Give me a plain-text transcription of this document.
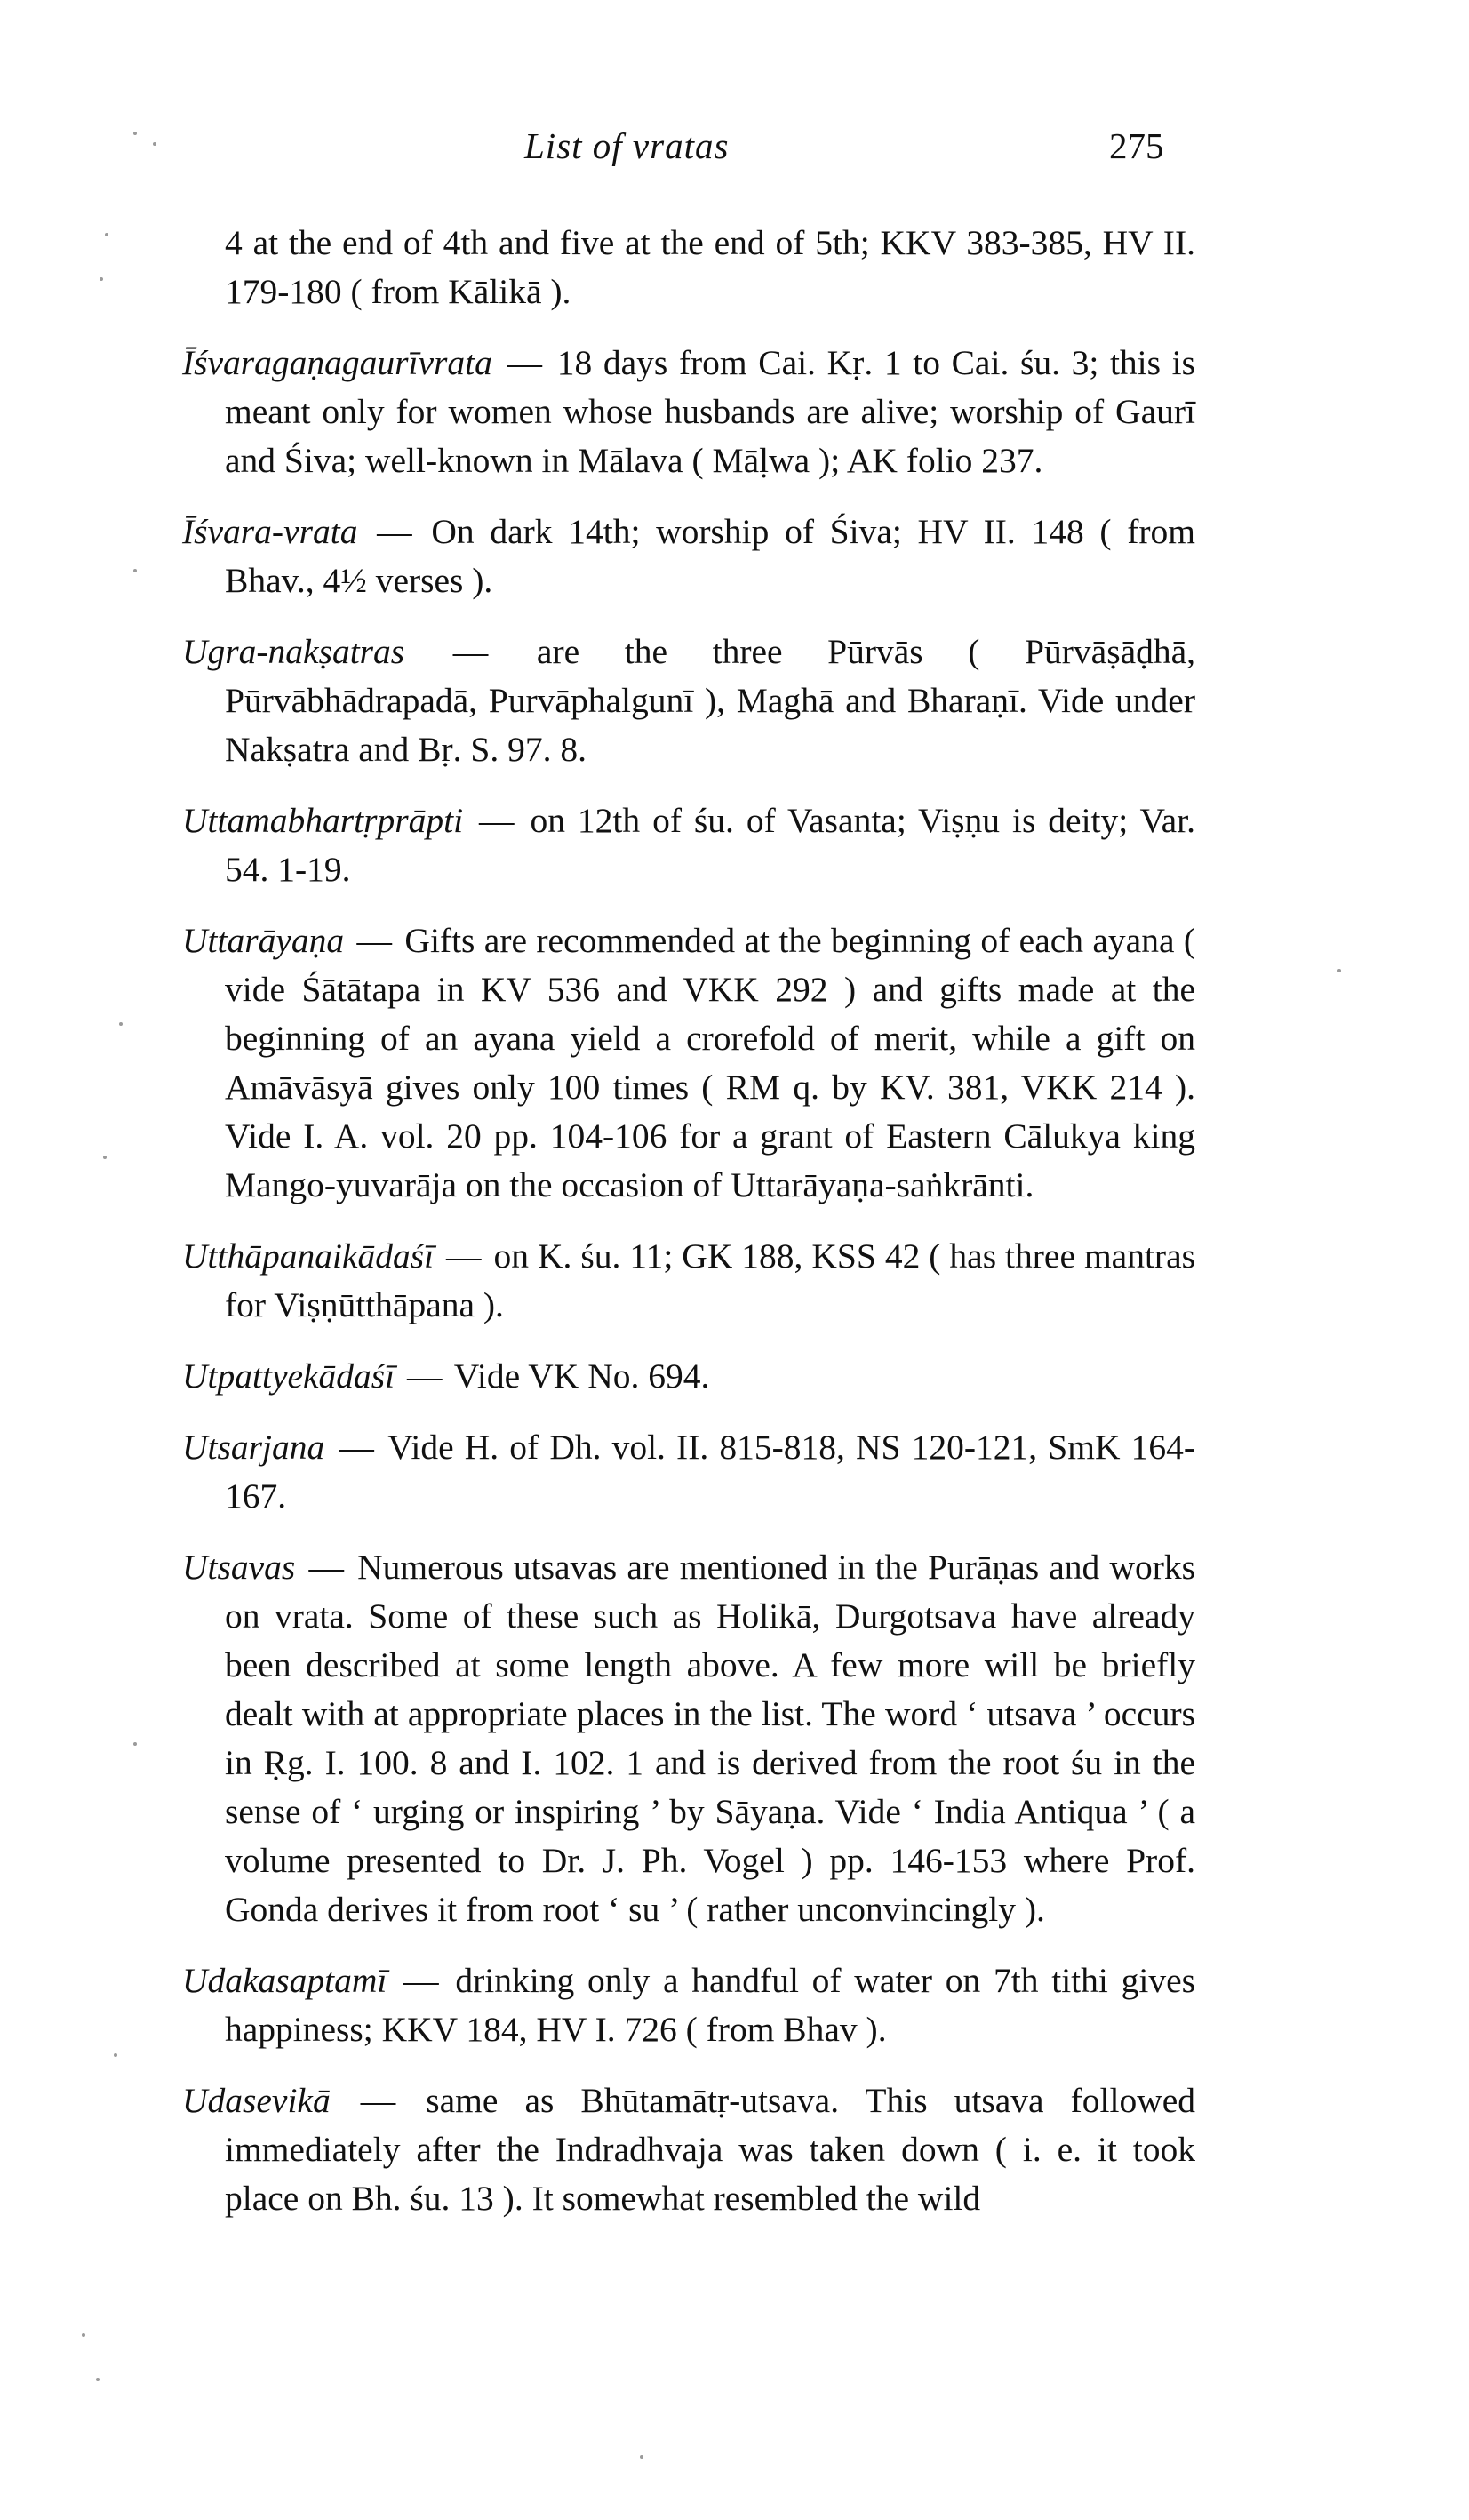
List of vratas	275

4 at the end of 4th and five at the end of 5th; KKV 383-385, HV II. 179-180 ( from Kālikā ).

Īśvaragaṇagaurīvrata — 18 days from Cai. Kṛ. 1 to Cai. śu. 3; this is meant only for women whose husbands are alive; worship of Gaurī and Śiva; well-known in Mālava ( Māḷwa ); AK folio 237.

Īśvara-vrata — On dark 14th; worship of Śiva; HV II. 148 ( from Bhav., 4½ verses ).

Ugra-nakṣatras — are the three Pūrvās ( Pūrvāṣāḍhā, Pūrvābhādrapadā, Purvāphalgunī ), Maghā and Bharaṇī. Vide under Nakṣatra and Bṛ. S. 97. 8.

Uttamabhartṛprāpti — on 12th of śu. of Vasanta; Viṣṇu is deity; Var. 54. 1-19.

Uttarāyaṇa — Gifts are recommended at the beginning of each ayana ( vide Śātātapa in KV 536 and VKK 292 ) and gifts made at the beginning of an ayana yield a crorefold of merit, while a gift on Amāvāsyā gives only 100 times ( RM q. by KV. 381, VKK 214 ). Vide I. A. vol. 20 pp. 104-106 for a grant of Eastern Cālukya king Mango-yuvarāja on the occasion of Uttarāyaṇa-saṅkrānti.

Utthāpanaikādaśī — on K. śu. 11; GK 188, KSS 42 ( has three mantras for Viṣṇūtthāpana ).

Utpattyekādaśī — Vide VK No. 694.

Utsarjana — Vide H. of Dh. vol. II. 815-818, NS 120-121, SmK 164-167.

Utsavas — Numerous utsavas are mentioned in the Purāṇas and works on vrata. Some of these such as Holikā, Durgotsava have already been described at some length above. A few more will be briefly dealt with at appropriate places in the list. The word ‘ utsava ’ occurs in Ṛg. I. 100. 8 and I. 102. 1 and is derived from the root śu in the sense of ‘ urging or inspiring ’ by Sāyaṇa. Vide ‘ India Antiqua ’ ( a volume presented to Dr. J. Ph. Vogel ) pp. 146-153 where Prof. Gonda derives it from root ‘ su ’ ( rather unconvincingly ).

Udakasaptamī — drinking only a handful of water on 7th tithi gives happiness; KKV 184, HV I. 726 ( from Bhav ).

Udasevikā — same as Bhūtamātṛ-utsava. This utsava followed immediately after the Indradhvaja was taken down ( i. e. it took place on Bh. śu. 13 ). It somewhat resembled the wild
